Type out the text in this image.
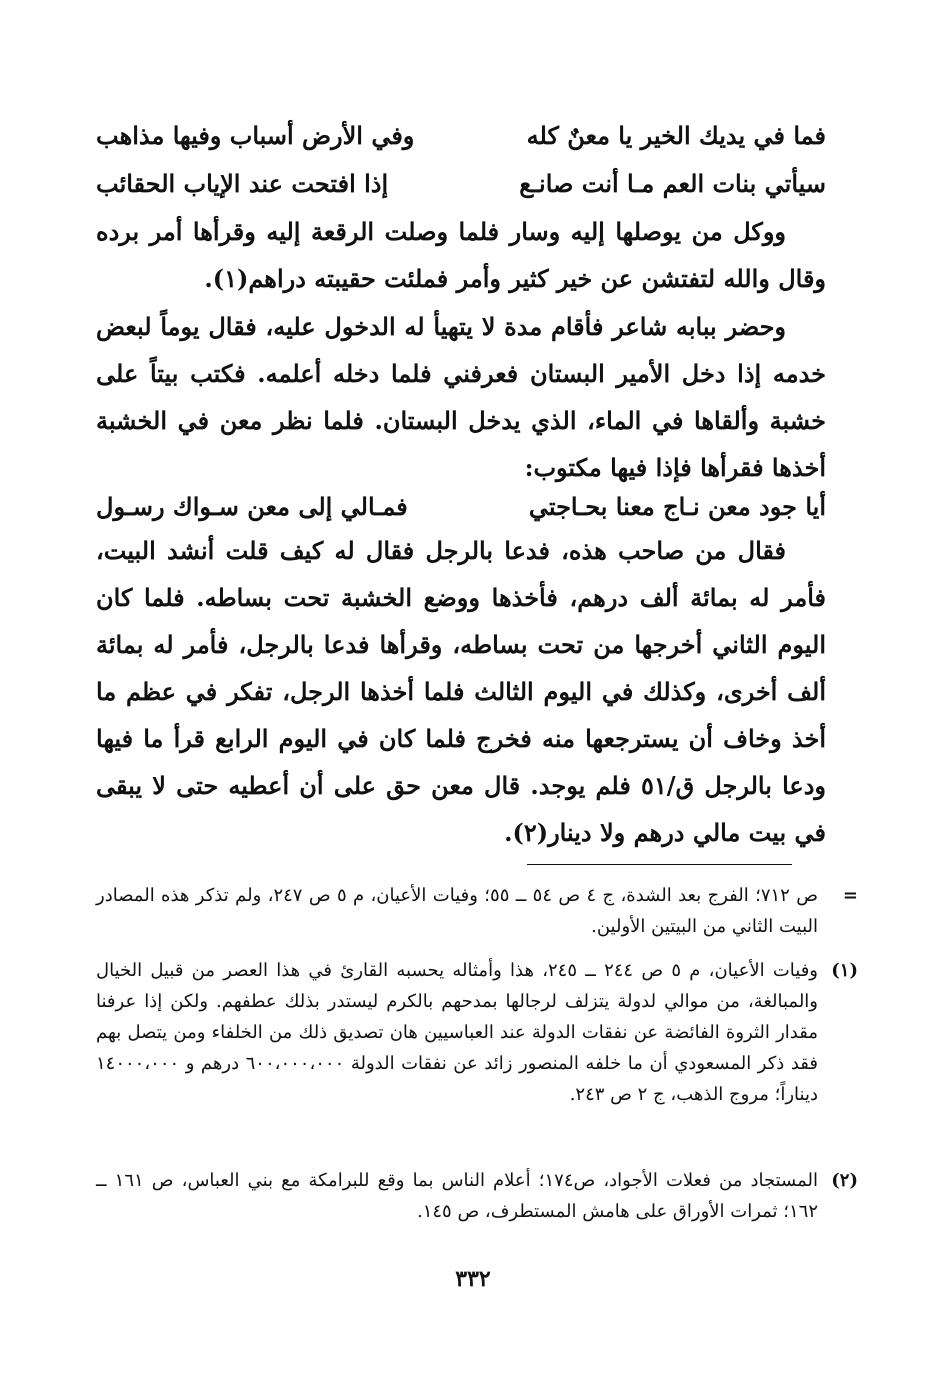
فما في يديك الخير يا معنٌ كله
وفي الأرض أسباب وفيها مذاهب
سيأتي بنات العم مـا أنت صانـع
إذا افتحت عند الإياب الحقائب

ووكل من يوصلها إليه وسار فلما وصلت الرقعة إليه وقرأها أمر برده وقال والله لتفتشن عن خير كثير وأمر فملئت حقيبته دراهم(١).

وحضر ببابه شاعر فأقام مدة لا يتهيأ له الدخول عليه، فقال يوماً لبعض خدمه إذا دخل الأمير البستان فعرفني فلما دخله أعلمه. فكتب بيتاً على خشبة وألقاها في الماء، الذي يدخل البستان. فلما نظر معن في الخشبة أخذها فقرأها فإذا فيها مكتوب:

أيا جود معن نـاج معنا بحـاجتي
فمـالي إلى معن سـواك رسـول

فقال من صاحب هذه، فدعا بالرجل فقال له كيف قلت أنشد البيت، فأمر له بمائة ألف درهم، فأخذها ووضع الخشبة تحت بساطه. فلما كان اليوم الثاني أخرجها من تحت بساطه، وقرأها فدعا بالرجل، فأمر له بمائة ألف أخرى، وكذلك في اليوم الثالث فلما أخذها الرجل، تفكر في عظم ما أخذ وخاف أن يسترجعها منه فخرج فلما كان في اليوم الرابع قرأ ما فيها ودعا بالرجل ق/٥١ فلم يوجد. قال معن حق على أن أعطيه حتى لا يبقى في بيت مالي درهم ولا دينار(٢).

=
ص ٧١٢؛ الفرج بعد الشدة، ج ٤ ص ٥٤ ــ ٥٥؛ وفيات الأعيان، م ٥ ص ٢٤٧، ولم تذكر هذه المصادر البيت الثاني من البيتين الأولين.
(١)
وفيات الأعيان، م ٥ ص ٢٤٤ ــ ٢٤٥، هذا وأمثاله يحسبه القارئ في هذا العصر من قبيل الخيال والمبالغة، من موالي لدولة يتزلف لرجالها بمدحهم بالكرم ليستدر بذلك عطفهم. ولكن إذا عرفنا مقدار الثروة الفائضة عن نفقات الدولة عند العباسيين هان تصديق ذلك من الخلفاء ومن يتصل بهم فقد ذكر المسعودي أن ما خلفه المنصور زائد عن نفقات الدولة ٦٠٠،٠٠٠،٠٠٠ درهم و ١٤٠٠٠،٠٠٠ ديناراً؛ مروج الذهب، ج ٢ ص ٢٤٣.
(٢)
المستجاد من فعلات الأجواد، ص١٧٤؛ أعلام الناس بما وقع للبرامكة مع بني العباس، ص ١٦١ ــ ١٦٢؛ ثمرات الأوراق على هامش المستطرف، ص ١٤٥.
٣٣٢
